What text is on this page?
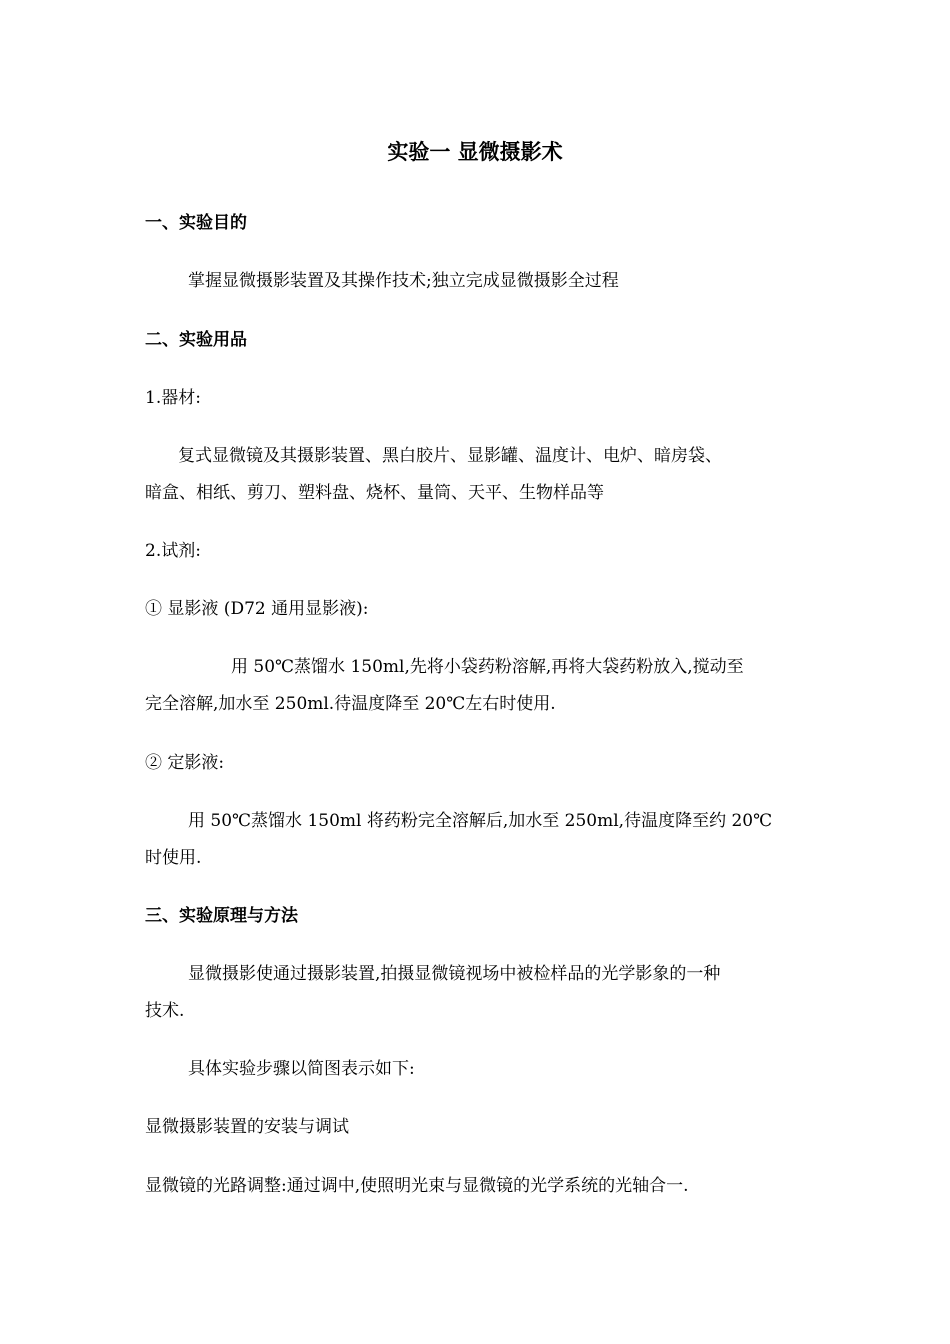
实验一 显微摄影术
一、实验目的
掌握显微摄影装置及其操作技术;独立完成显微摄影全过程
二、实验用品
1.器材:
复式显微镜及其摄影装置、黑白胶片、显影罐、温度计、电炉、暗房袋、
暗盒、相纸、剪刀、塑料盘、烧杯、量筒、天平、生物样品等
2.试剂:
① 显影液 (D72 通用显影液):
用 50℃蒸馏水 150ml,先将小袋药粉溶解,再将大袋药粉放入,搅动至
完全溶解,加水至 250ml.待温度降至 20℃左右时使用.
② 定影液:
用 50℃蒸馏水 150ml 将药粉完全溶解后,加水至 250ml,待温度降至约 20℃
时使用.
三、实验原理与方法
显微摄影使通过摄影装置,拍摄显微镜视场中被检样品的光学影象的一种
技术.
具体实验步骤以简图表示如下:
显微摄影装置的安装与调试
显微镜的光路调整:通过调中,使照明光束与显微镜的光学系统的光轴合一.
